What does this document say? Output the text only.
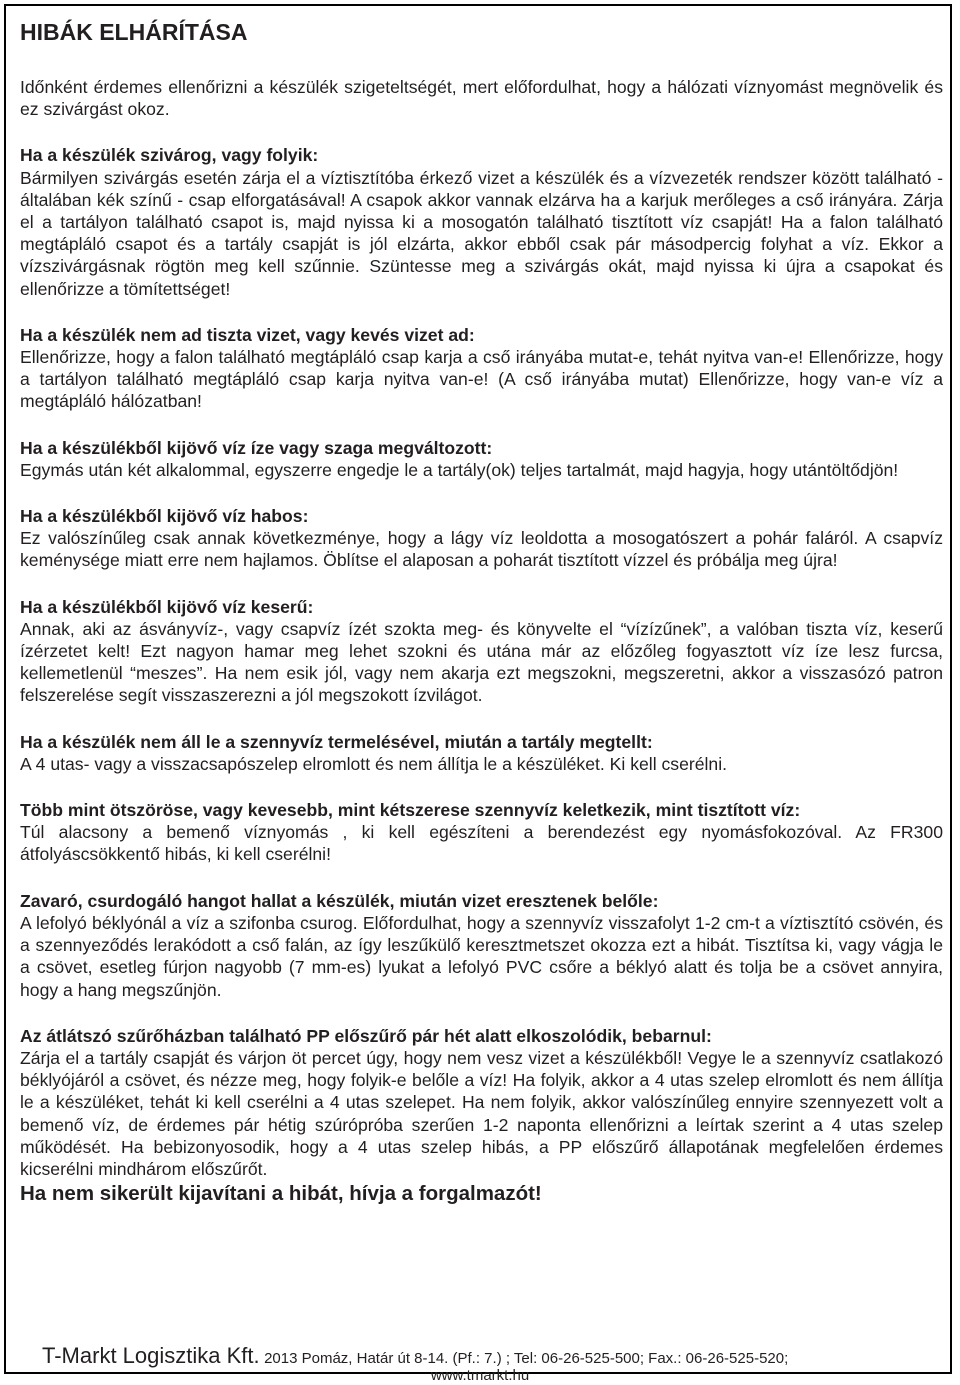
HIBÁK ELHÁRÍTÁSA

Időnként érdemes ellenőrizni a készülék szigeteltségét, mert előfordulhat, hogy a hálózati víznyomást megnövelik és ez szivárgást okoz.

Ha a készülék szivárog, vagy folyik:

Bármilyen szivárgás esetén zárja el a víztisztítóba érkező vizet a készülék és a vízvezeték rendszer között található - általában kék színű - csap elforgatásával! A csapok akkor vannak elzárva ha a karjuk merőleges a cső irányára. Zárja el a tartályon található csapot is, majd nyissa ki a mosogatón található tisztított víz csapját! Ha a falon található megtápláló csapot és a tartály csapját is jól elzárta, akkor ebből csak pár másodpercig folyhat a víz. Ekkor a vízszivárgásnak rögtön meg kell szűnnie. Szüntesse meg a szivárgás okát, majd nyissa ki újra a csapokat és ellenőrizze a tömítettséget!

Ha a készülék nem ad tiszta vizet, vagy kevés vizet ad:

Ellenőrizze, hogy a falon található megtápláló csap karja a cső irányába mutat-e, tehát nyitva van-e! Ellenőrizze, hogy a tartályon található megtápláló csap karja nyitva van-e! (A cső irányába mutat) Ellenőrizze, hogy van-e víz a megtápláló hálózatban!

Ha a készülékből kijövő víz íze vagy szaga megváltozott:

Egymás után két alkalommal, egyszerre engedje le a tartály(ok) teljes tartalmát, majd hagyja, hogy utántöltődjön!

Ha a készülékből kijövő víz habos:

Ez valószínűleg csak annak következménye, hogy a lágy víz leoldotta a mosogatószert a pohár faláról. A csapvíz keménysége miatt erre nem hajlamos. Öblítse el alaposan a poharát tisztított vízzel és próbálja meg újra!

Ha a készülékből kijövő víz keserű:

Annak, aki az ásványvíz-, vagy csapvíz ízét szokta meg- és könyvelte el “vízízűnek”, a valóban tiszta víz, keserű ízérzetet kelt! Ezt nagyon hamar meg lehet szokni és utána már az előzőleg fogyasztott víz íze lesz furcsa, kellemetlenül “meszes”. Ha nem esik jól, vagy nem akarja ezt megszokni, megszeretni, akkor a visszasózó patron felszerelése segít visszaszerezni a jól megszokott ízvilágot.

Ha a készülék nem áll le a szennyvíz termelésével, miután a tartály megtellt:

A 4 utas- vagy a visszacsapószelep elromlott és nem állítja le a készüléket. Ki kell cserélni.

Több mint ötszöröse, vagy kevesebb, mint kétszerese szennyvíz keletkezik, mint tisztított víz:

Túl alacsony a bemenő víznyomás , ki kell egészíteni a berendezést egy nyomásfokozóval. Az FR300 átfolyáscsökkentő hibás, ki kell cserélni!

Zavaró, csurdogáló hangot hallat a készülék, miután vizet eresztenek belőle:

A lefolyó béklyónál a víz a szifonba csurog. Előfordulhat, hogy a szennyvíz visszafolyt 1-2 cm-t a víztisztító csövén, és a szennyeződés lerakódott a cső falán, az így leszűkülő keresztmetszet okozza ezt a hibát. Tisztítsa ki, vagy vágja le a csövet, esetleg fúrjon nagyobb (7 mm-es) lyukat a lefolyó PVC csőre a béklyó alatt és tolja be a csövet annyira, hogy a hang megszűnjön.

Az átlátszó szűrőházban található PP előszűrő pár hét alatt elkoszolódik, bebarnul:

Zárja el a tartály csapját és várjon öt percet úgy, hogy nem vesz vizet a készülékből! Vegye le a szennyvíz csatlakozó béklyójáról a csövet, és nézze meg, hogy folyik-e belőle a víz! Ha folyik, akkor a 4 utas szelep elromlott és nem állítja le a készüléket, tehát ki kell cserélni a 4 utas szelepet. Ha nem folyik, akkor valószínűleg ennyire szennyezett volt a bemenő víz, de érdemes pár hétig szúrópróba szerűen 1-2 naponta ellenőrizni a leírtak szerint a 4 utas szelep működését. Ha bebizonyosodik, hogy a 4 utas szelep hibás, a PP előszűrő állapotának megfelelően érdemes kicserélni mindhárom előszűrőt.

Ha nem sikerült kijavítani a hibát, hívja a forgalmazót!
T-Markt Logisztika Kft. 2013 Pomáz, Határ út 8-14. (Pf.: 7.) ; Tel: 06-26-525-500; Fax.: 06-26-525-520;
www.tmarkt.hu
